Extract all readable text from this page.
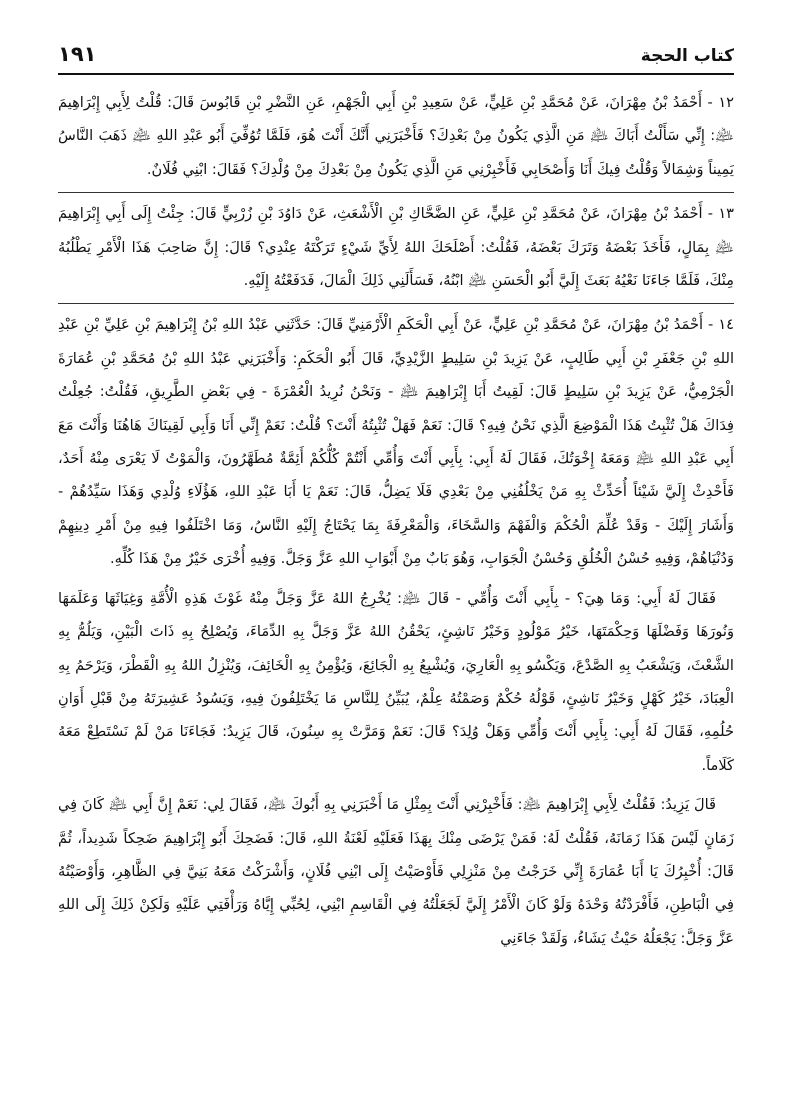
كتاب الحجة
١٩١

١٢ - أَحْمَدُ بْنُ مِهْرَانَ، عَنْ مُحَمَّدِ بْنِ عَلِيٍّ، عَنْ سَعِيدِ بْنِ أَبِي الْجَهْمِ، عَنِ النَّضْرِ بْنِ قَابُوسَ قَالَ: قُلْتُ لِأَبِي إِبْرَاهِيمَ ﵇: إِنِّي سَأَلْتُ أَبَاكَ ﵇ مَنِ الَّذِي يَكُونُ مِنْ بَعْدِكَ؟ فَأَخْبَرَنِي أَنَّكَ أَنْتَ هُوَ، فَلَمَّا تُوُفِّيَ أَبُو عَبْدِ اللهِ ﵇ ذَهَبَ النَّاسُ يَمِيناً وَشِمَالاً وَقُلْتُ فِيكَ أَنَا وَأَصْحَابِي فَأَخْبِرْنِي مَنِ الَّذِي يَكُونُ مِنْ بَعْدِكَ مِنْ وُلْدِكَ؟ فَقَالَ: ابْنِي فُلَانٌ.

١٣ - أَحْمَدُ بْنُ مِهْرَانَ، عَنْ مُحَمَّدِ بْنِ عَلِيٍّ، عَنِ الضَّحَّاكِ بْنِ الْأَشْعَثِ، عَنْ دَاوُدَ بْنِ زُرْبِيٍّ قَالَ: جِئْتُ إِلَى أَبِي إِبْرَاهِيمَ ﵇ بِمَالٍ، فَأَخَذَ بَعْضَهُ وَتَرَكَ بَعْضَهُ، فَقُلْتُ: أَصْلَحَكَ اللهُ لِأَيِّ شَيْءٍ تَرَكْتَهُ عِنْدِي؟ قَالَ: إِنَّ صَاحِبَ هَذَا الْأَمْرِ يَطْلُبُهُ مِنْكَ، فَلَمَّا جَاءَنَا نَعْيُهُ بَعَثَ إِلَيَّ أَبُو الْحَسَنِ ﵇ ابْنُهُ، فَسَأَلَنِي ذَلِكَ الْمَالَ، فَدَفَعْتُهُ إِلَيْهِ.

١٤ - أَحْمَدُ بْنُ مِهْرَانَ، عَنْ مُحَمَّدِ بْنِ عَلِيٍّ، عَنْ أَبِي الْحَكَمِ الْأَرْمَنِيِّ قَالَ: حَدَّثَنِي عَبْدُ اللهِ بْنُ إِبْرَاهِيمَ بْنِ عَلِيِّ بْنِ عَبْدِ اللهِ بْنِ جَعْفَرِ بْنِ أَبِي طَالِبٍ، عَنْ يَزِيدَ بْنِ سَلِيطٍ الزَّيْدِيِّ، قَالَ أَبُو الْحَكَمِ: وَأَخْبَرَنِي عَبْدُ اللهِ بْنُ مُحَمَّدِ بْنِ عُمَارَةَ الْجَرْمِيُّ، عَنْ يَزِيدَ بْنِ سَلِيطٍ قَالَ: لَقِيتُ أَبَا إِبْرَاهِيمَ ﵇ - وَنَحْنُ نُرِيدُ الْعُمْرَةَ - فِي بَعْضِ الطَّرِيقِ، فَقُلْتُ: جُعِلْتُ فِدَاكَ هَلْ تُثْبِتُ هَذَا الْمَوْضِعَ الَّذِي نَحْنُ فِيهِ؟ قَالَ: نَعَمْ فَهَلْ تُثْبِتُهُ أَنْتَ؟ قُلْتُ: نَعَمْ إِنِّي أَنَا وَأَبِي لَقِينَاكَ هَاهُنَا وَأَنْتَ مَعَ أَبِي عَبْدِ اللهِ ﵇ وَمَعَهُ إِخْوَتُكَ، فَقَالَ لَهُ أَبِي: بِأَبِي أَنْتَ وَأُمِّي أَنْتُمْ كُلُّكُمْ أَئِمَّةٌ مُطَهَّرُونَ، وَالْمَوْتُ لَا يَعْرَى مِنْهُ أَحَدٌ، فَأَحْدِثْ إِلَيَّ شَيْئاً أُحَدِّثْ بِهِ مَنْ يَخْلُفُنِي مِنْ بَعْدِي فَلَا يَضِلُّ، قَالَ: نَعَمْ يَا أَبَا عَبْدِ اللهِ، هَؤُلَاءِ وُلْدِي وَهَذَا سَيِّدُهُمْ - وَأَشَارَ إِلَيْكَ - وَقَدْ عُلِّمَ الْحُكْمَ وَالْفَهْمَ وَالسَّخَاءَ، وَالْمَعْرِفَةَ بِمَا يَحْتَاجُ إِلَيْهِ النَّاسُ، وَمَا اخْتَلَفُوا فِيهِ مِنْ أَمْرِ دِينِهِمْ وَدُنْيَاهُمْ، وَفِيهِ حُسْنُ الْخُلُقِ وَحُسْنُ الْجَوَابِ، وَهُوَ بَابٌ مِنْ أَبْوَابِ اللهِ عَزَّ وَجَلَّ. وَفِيهِ أُخْرَى خَيْرٌ مِنْ هَذَا كُلِّهِ.

فَقَالَ لَهُ أَبِي: وَمَا هِيَ؟ - بِأَبِي أَنْتَ وَأُمِّي - قَالَ ﵇: يُخْرِجُ اللهُ عَزَّ وَجَلَّ مِنْهُ غَوْثَ هَذِهِ الْأُمَّةِ وَغِيَاثَهَا وَعَلَمَهَا وَنُورَهَا وَفَضْلَهَا وَحِكْمَتَهَا، خَيْرُ مَوْلُودٍ وَخَيْرُ نَاشِئٍ، يَحْقُنُ اللهُ عَزَّ وَجَلَّ بِهِ الدِّمَاءَ، وَيُصْلِحُ بِهِ ذَاتَ الْبَيْنِ، وَيَلُمُّ بِهِ الشَّعْثَ، وَيَشْعَبُ بِهِ الصَّدْعَ، وَيَكْسُو بِهِ الْعَارِيَ، وَيُشْبِعُ بِهِ الْجَائِعَ، وَيُؤْمِنُ بِهِ الْخَائِفَ، وَيُنْزِلُ اللهُ بِهِ الْقَطْرَ، وَيَرْحَمُ بِهِ الْعِبَادَ، خَيْرُ كَهْلٍ وَخَيْرُ نَاشِئٍ، قَوْلُهُ حُكْمٌ وَصَمْتُهُ عِلْمٌ، يُبَيِّنُ لِلنَّاسِ مَا يَخْتَلِفُونَ فِيهِ، وَيَسُودُ عَشِيرَتَهُ مِنْ قَبْلِ أَوَانِ حُلُمِهِ، فَقَالَ لَهُ أَبِي: بِأَبِي أَنْتَ وَأُمِّي وَهَلْ وُلِدَ؟ قَالَ: نَعَمْ وَمَرَّتْ بِهِ سِنُونَ، قَالَ يَزِيدُ: فَجَاءَنَا مَنْ لَمْ نَسْتَطِعْ مَعَهُ كَلَاماً.

قَالَ يَزِيدُ: فَقُلْتُ لِأَبِي إِبْرَاهِيمَ ﵇: فَأَخْبِرْنِي أَنْتَ بِمِثْلِ مَا أَخْبَرَنِي بِهِ أَبُوكَ ﵇، فَقَالَ لِي: نَعَمْ إِنَّ أَبِي ﵇ كَانَ فِي زَمَانٍ لَيْسَ هَذَا زَمَانَهُ، فَقُلْتُ لَهُ: فَمَنْ يَرْضَى مِنْكَ بِهَذَا فَعَلَيْهِ لَعْنَةُ اللهِ، قَالَ: فَضَحِكَ أَبُو إِبْرَاهِيمَ ضَحِكاً شَدِيداً، ثُمَّ قَالَ: أُخْبِرُكَ يَا أَبَا عُمَارَةَ إِنِّي خَرَجْتُ مِنْ مَنْزِلِي فَأَوْصَيْتُ إِلَى ابْنِي فُلَانٍ، وَأَشْرَكْتُ مَعَهُ بَنِيَّ فِي الظَّاهِرِ، وَأَوْصَيْتُهُ فِي الْبَاطِنِ، فَأَفْرَدْتُهُ وَحْدَهُ وَلَوْ كَانَ الْأَمْرُ إِلَيَّ لَجَعَلْتُهُ فِي الْقَاسِمِ ابْنِي، لِحُبِّي إِيَّاهُ وَرَأْفَتِي عَلَيْهِ وَلَكِنْ ذَلِكَ إِلَى اللهِ عَزَّ وَجَلَّ: يَجْعَلُهُ حَيْثُ يَشَاءُ، وَلَقَدْ جَاءَنِي
